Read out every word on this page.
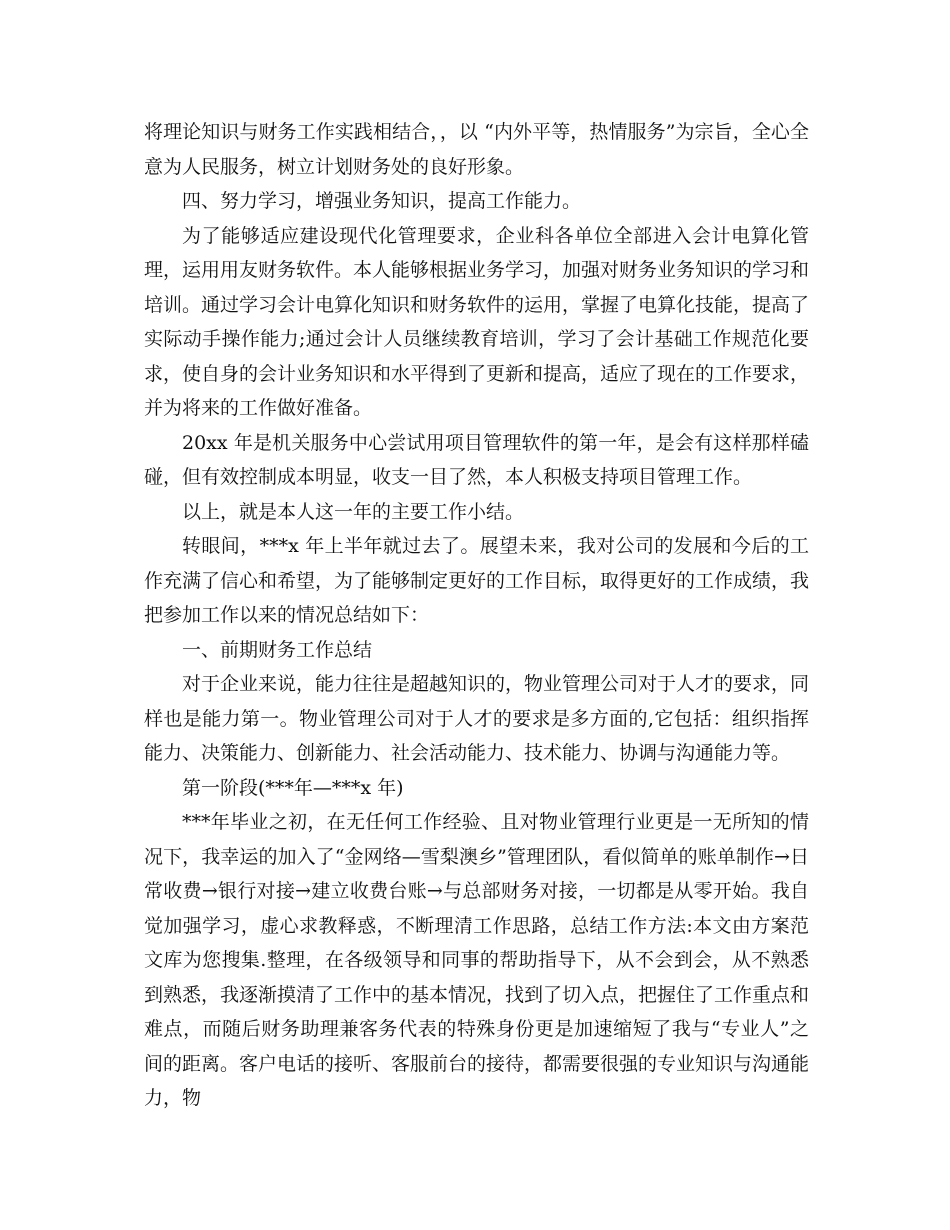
将理论知识与财务工作实践相结合，，以 “内外平等，热情服务”为宗旨，全心全意为人民服务，树立计划财务处的良好形象。

四、努力学习，增强业务知识，提高工作能力。

为了能够适应建设现代化管理要求，企业科各单位全部进入会计电算化管理，运用用友财务软件。本人能够根据业务学习，加强对财务业务知识的学习和培训。通过学习会计电算化知识和财务软件的运用，掌握了电算化技能，提高了实际动手操作能力;通过会计人员继续教育培训，学习了会计基础工作规范化要求，使自身的会计业务知识和水平得到了更新和提高，适应了现在的工作要求，并为将来的工作做好准备。

20xx 年是机关服务中心尝试用项目管理软件的第一年，是会有这样那样磕碰，但有效控制成本明显，收支一目了然，本人积极支持项目管理工作。

以上，就是本人这一年的主要工作小结。

转眼间，***x 年上半年就过去了。展望未来，我对公司的发展和今后的工作充满了信心和希望，为了能够制定更好的工作目标，取得更好的工作成绩，我把参加工作以来的情况总结如下：

一、前期财务工作总结

对于企业来说，能力往往是超越知识的，物业管理公司对于人才的要求，同样也是能力第一。物业管理公司对于人才的要求是多方面的,它包括：组织指挥能力、决策能力、创新能力、社会活动能力、技术能力、协调与沟通能力等。

第一阶段(***年—***x 年)

***年毕业之初，在无任何工作经验、且对物业管理行业更是一无所知的情况下，我幸运的加入了“金网络—雪梨澳乡”管理团队，看似简单的账单制作→日常收费→银行对接→建立收费台账→与总部财务对接，一切都是从零开始。我自觉加强学习，虚心求教释惑，不断理清工作思路，总结工作方法:本文由方案范文库为您搜集.整理，在各级领导和同事的帮助指导下，从不会到会，从不熟悉到熟悉，我逐渐摸清了工作中的基本情况，找到了切入点，把握住了工作重点和难点，而随后财务助理兼客务代表的特殊身份更是加速缩短了我与“专业人”之间的距离。客户电话的接听、客服前台的接待，都需要很强的专业知识与沟通能力，物
